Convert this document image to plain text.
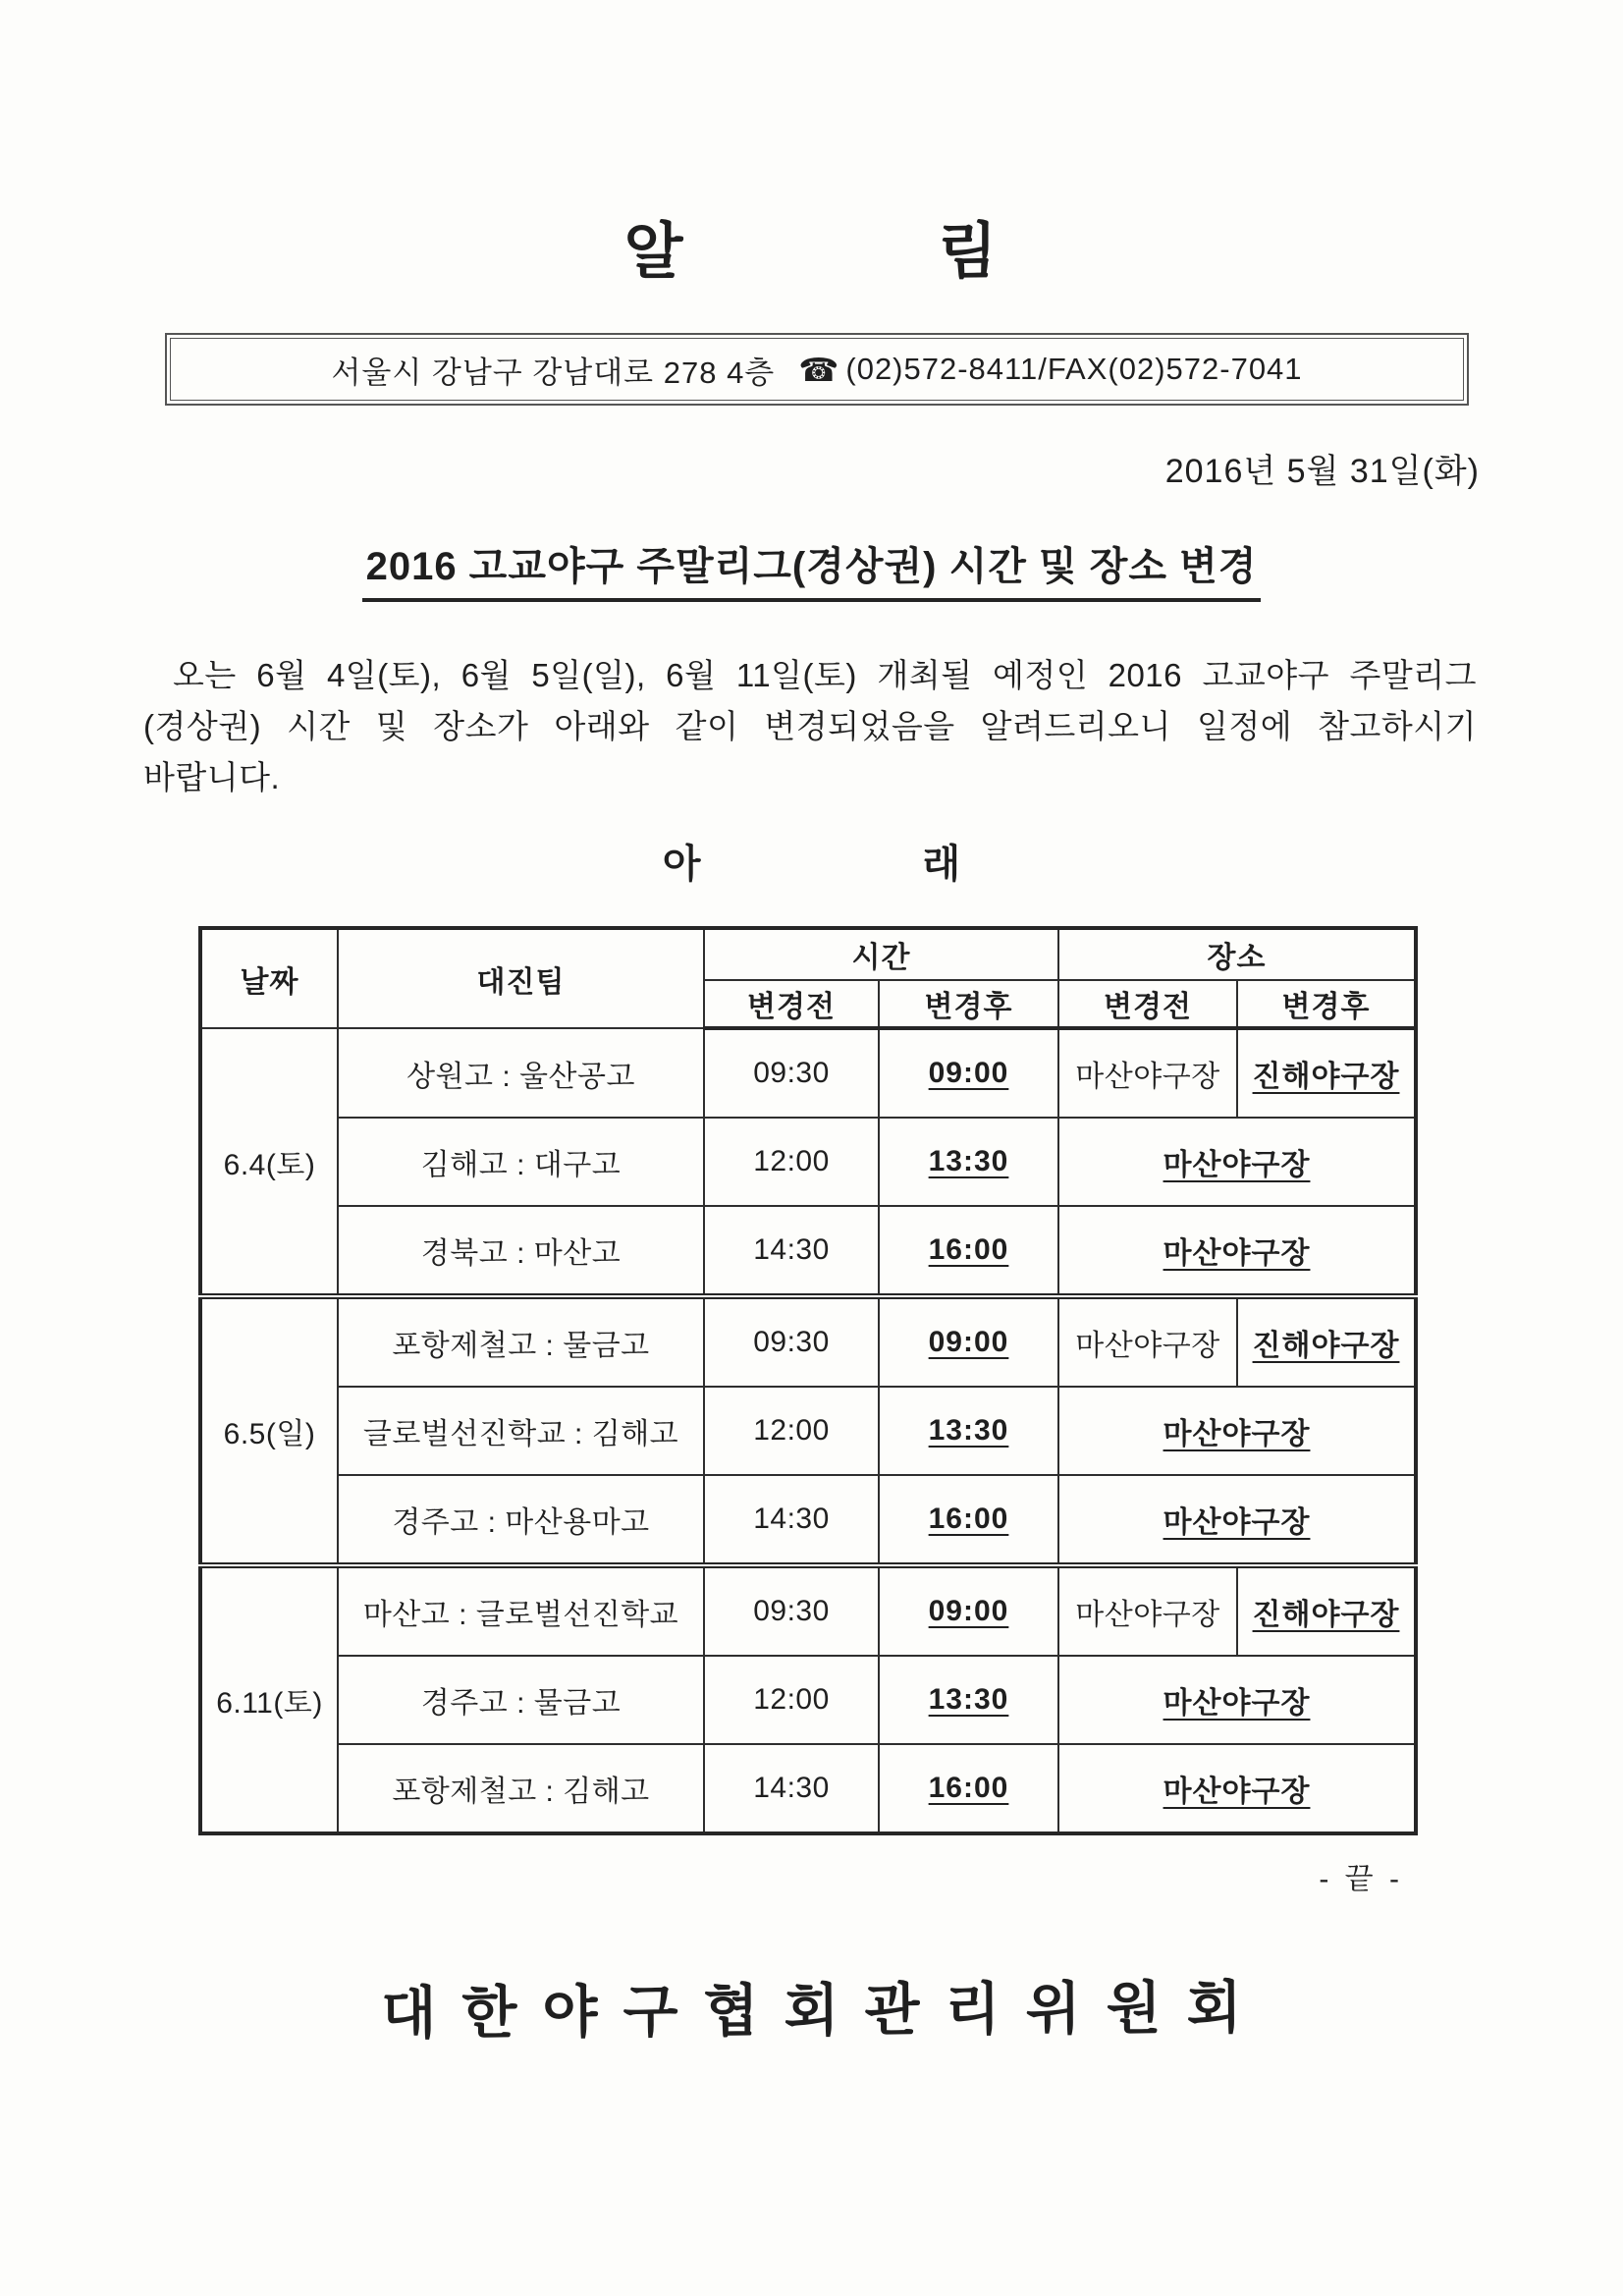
알	림
서울시 강남구 강남대로 278 4층 ☎ (02)572-8411/FAX(02)572-7041
2016년 5월 31일(화)
2016 고교야구 주말리그(경상권) 시간 및 장소 변경
오는 6월 4일(토), 6월 5일(일), 6월 11일(토) 개최될 예정인 2016 고교야구 주말리그
(경상권) 시간 및 장소가 아래와 같이 변경되었음을 알려드리오니 일정에 참고하시기
바랍니다.
아	래
날짜	대진팀	시간		장소	
		변경전	변경후	변경전	변경후
6.4(토)	상원고 : 울산공고	09:30	09:00	마산야구장	진해야구장
	김해고 : 대구고	12:00	13:30	마산야구장	
	경북고 : 마산고	14:30	16:00	마산야구장	
6.5(일)	포항제철고 : 물금고	09:30	09:00	마산야구장	진해야구장
	글로벌선진학교 : 김해고	12:00	13:30	마산야구장	
	경주고 : 마산용마고	14:30	16:00	마산야구장	
6.11(토)	마산고 : 글로벌선진학교	09:30	09:00	마산야구장	진해야구장
	경주고 : 물금고	12:00	13:30	마산야구장	
	포항제철고 : 김해고	14:30	16:00	마산야구장	
- 끝 -
대한야구협회관리위원회
